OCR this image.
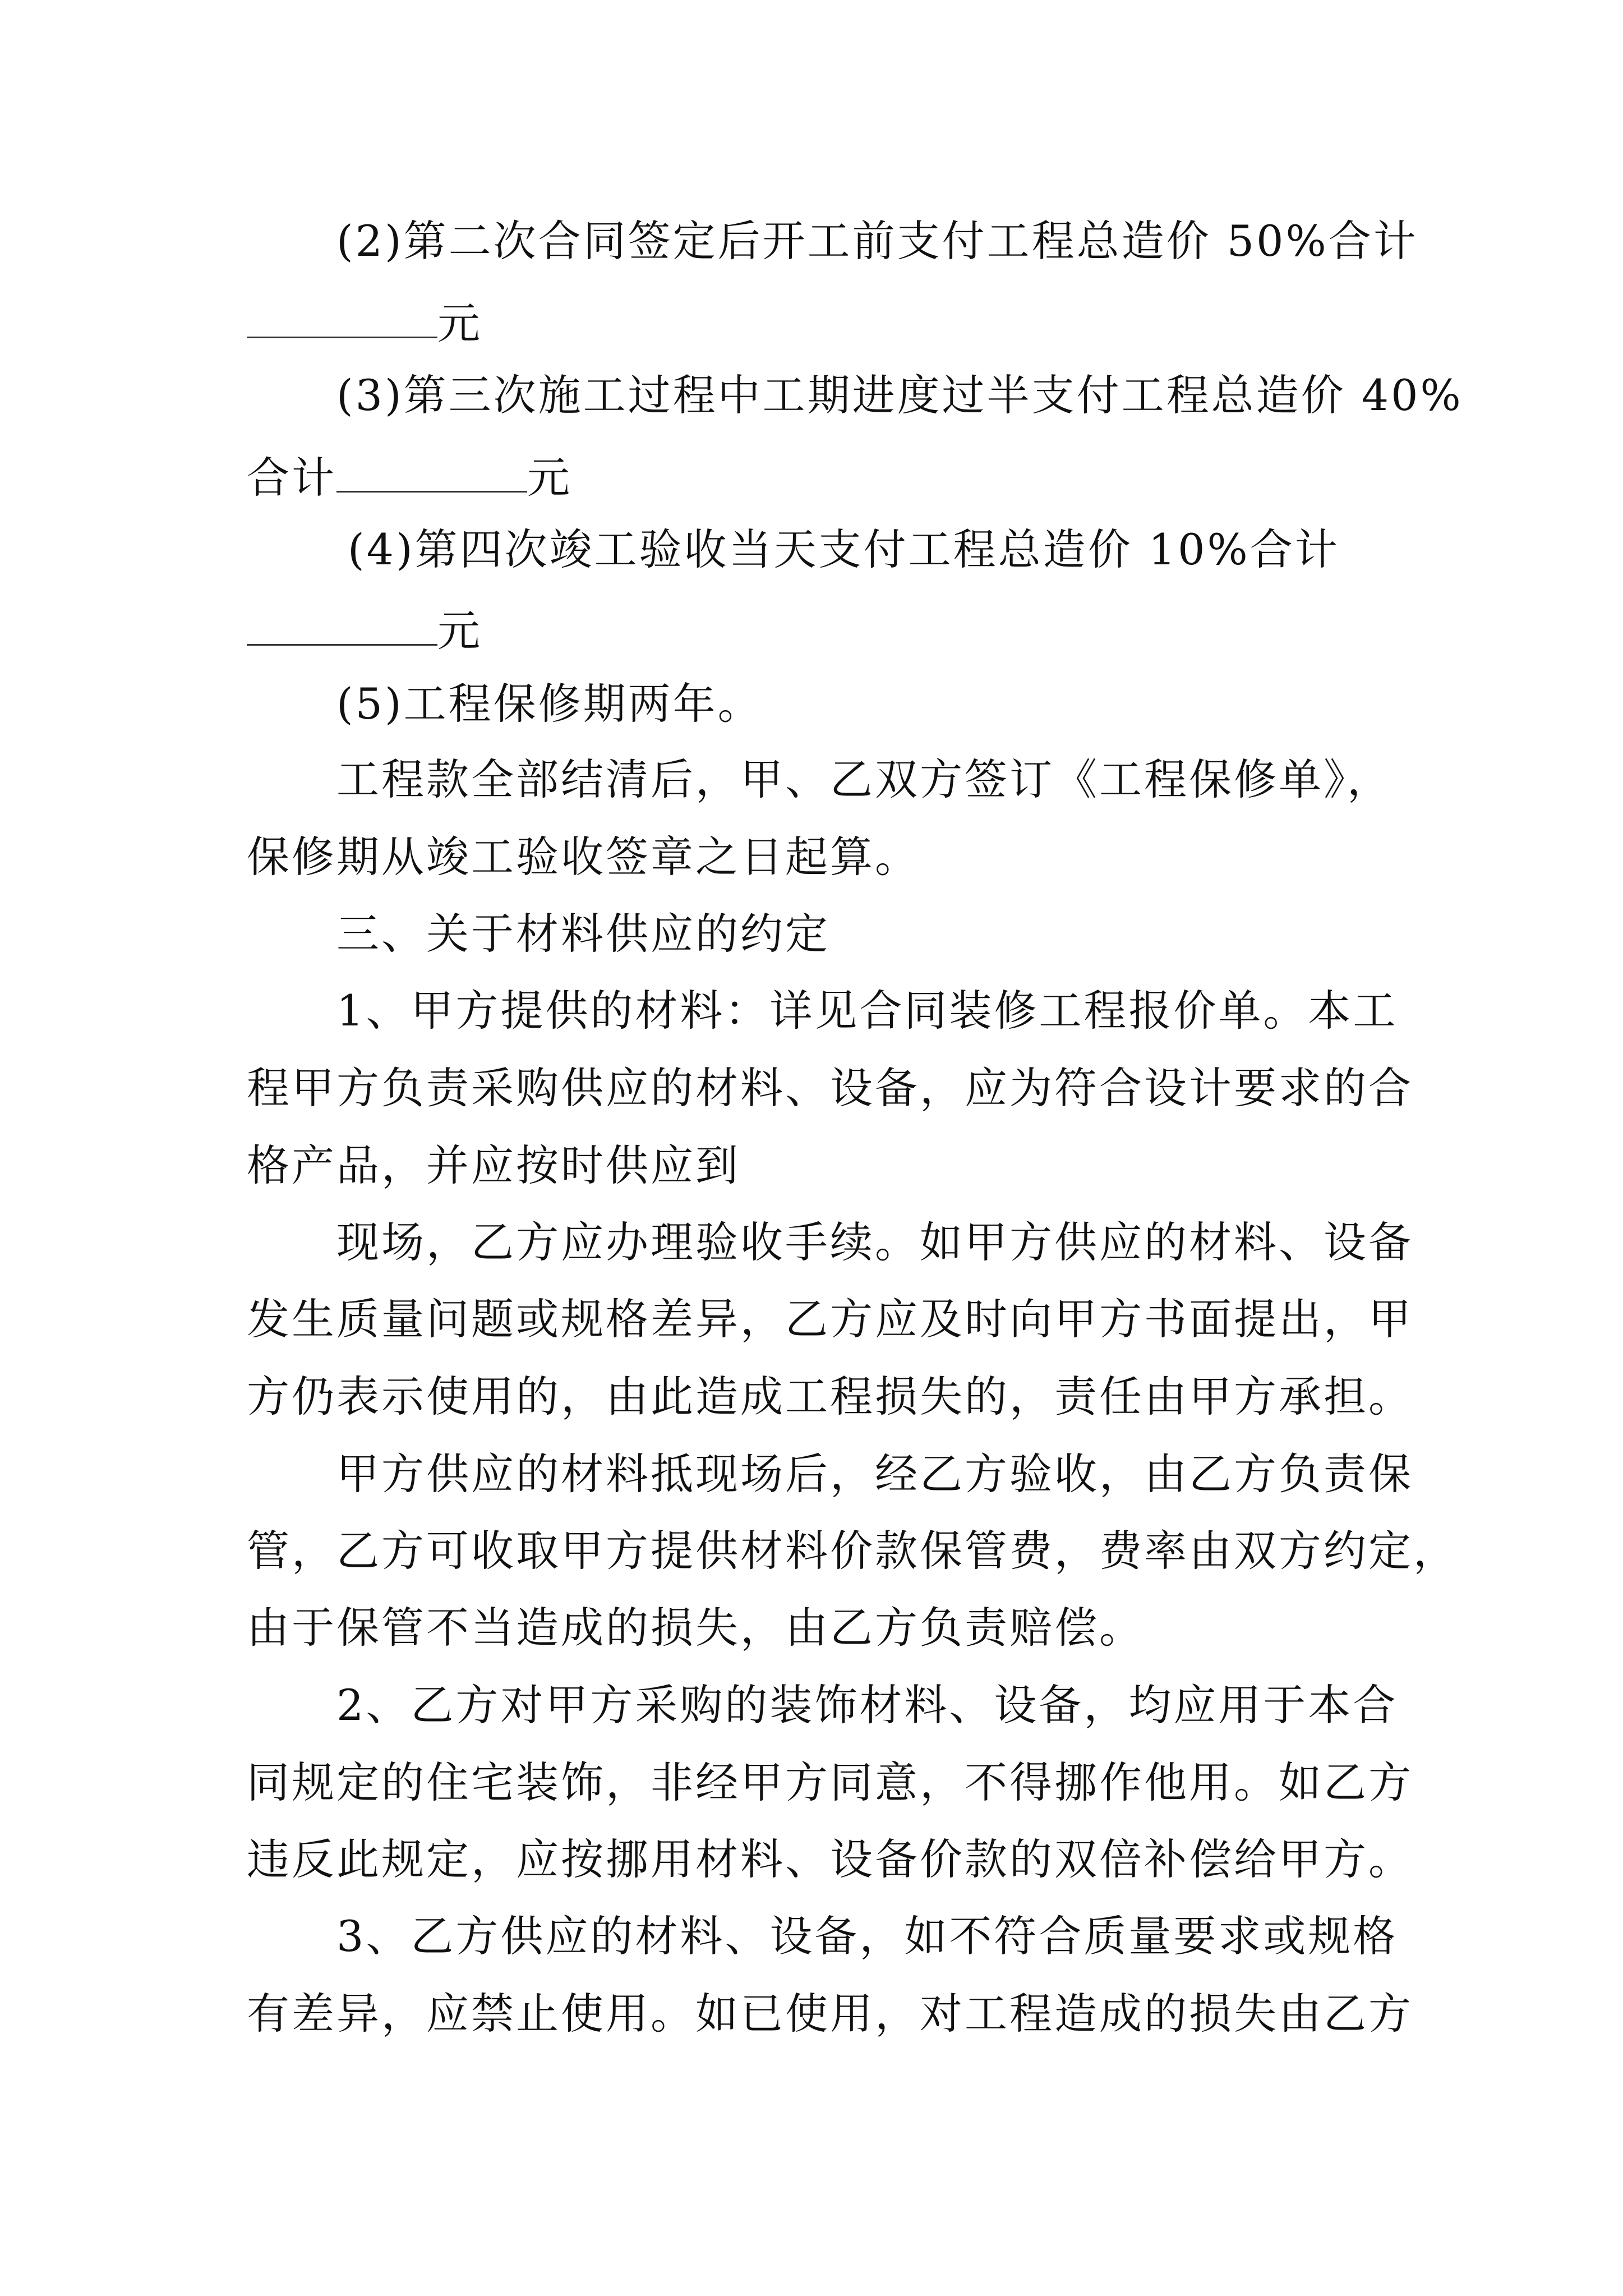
(2)第二次合同签定后开工前支付工程总造价 50%合计
元
(3)第三次施工过程中工期进度过半支付工程总造价 40%
合计	元
(4)第四次竣工验收当天支付工程总造价 10%合计
元
(5)工程保修期两年。
工程款全部结清后，甲、乙双方签订《工程保修单》，
保修期从竣工验收签章之日起算。
三、关于材料供应的约定
1、甲方提供的材料：详见合同装修工程报价单。本工
程甲方负责采购供应的材料、设备，应为符合设计要求的合
格产品，并应按时供应到
现场，乙方应办理验收手续。如甲方供应的材料、设备
发生质量问题或规格差异，乙方应及时向甲方书面提出，甲
方仍表示使用的，由此造成工程损失的，责任由甲方承担。
甲方供应的材料抵现场后，经乙方验收，由乙方负责保
管，乙方可收取甲方提供材料价款保管费，费率由双方约定，
由于保管不当造成的损失，由乙方负责赔偿。
2、乙方对甲方采购的装饰材料、设备，均应用于本合
同规定的住宅装饰，非经甲方同意，不得挪作他用。如乙方
违反此规定，应按挪用材料、设备价款的双倍补偿给甲方。
3、乙方供应的材料、设备，如不符合质量要求或规格
有差异，应禁止使用。如已使用，对工程造成的损失由乙方
